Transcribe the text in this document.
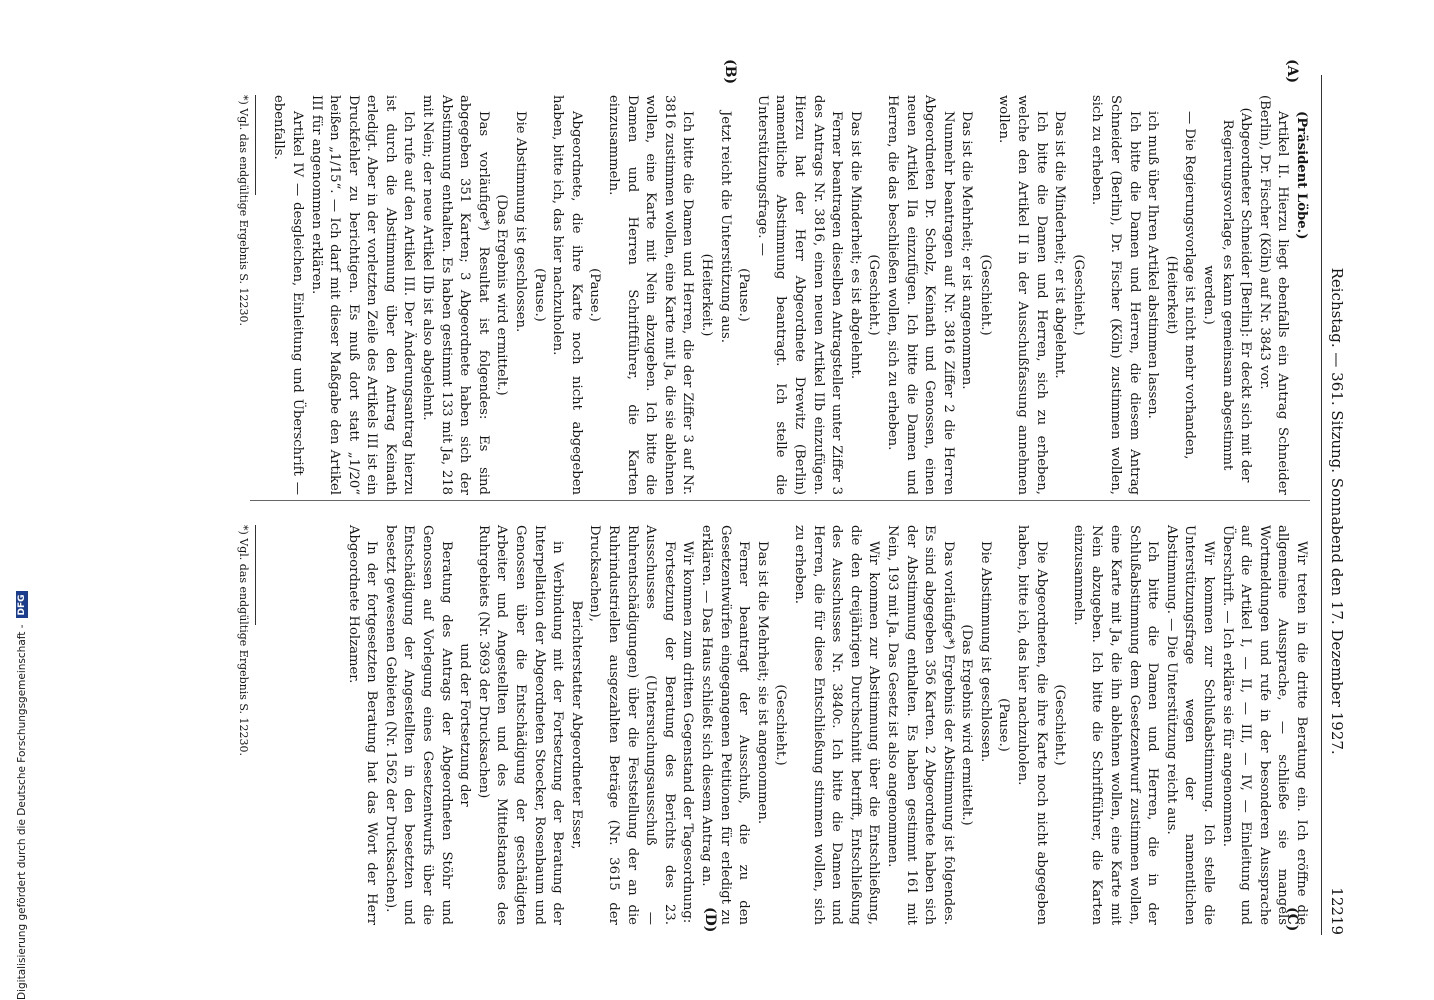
Reichstag. — 361. Sitzung. Sonnabend den 17. Dezember 1927.
12219
(A)
(B)
(C)
(D)

(Präsident Löbe.)

Artikel II. Hierzu liegt ebenfalls ein Antrag Schneider (Berlin), Dr. Fischer (Köln) auf Nr. 3843 vor.

(Abgeordneter Schneider [Berlin]: Er deckt sich mit der Regierungsvorlage, es kann gemeinsam abgestimmt werden.)

— Die Regierungsvorlage ist nicht mehr vorhanden,

(Heiterkeit)

ich muß über Ihren Artikel abstimmen lassen.

Ich bitte die Damen und Herren, die diesem Antrag Schneider (Berlin), Dr. Fischer (Köln) zustimmen wollen, sich zu erheben.

(Geschieht.)

Das ist die Minderheit; er ist abgelehnt.

Ich bitte die Damen und Herren, sich zu erheben, welche den Artikel II in der Ausschußfassung annehmen wollen.

(Geschieht.)

Das ist die Mehrheit; er ist angenommen.

Nunmehr beantragen auf Nr. 3816 Ziffer 2 die Herren Abgeordneten Dr. Scholz, Keinath und Genossen, einen neuen Artikel IIa einzufügen. Ich bitte die Damen und Herren, die das beschließen wollen, sich zu erheben.

(Geschieht.)

Das ist die Minderheit; es ist abgelehnt.

Ferner beantragen dieselben Antragsteller unter Ziffer 3 des Antrags Nr. 3816, einen neuen Artikel IIb einzufügen. Hierzu hat der Herr Abgeordnete Drewitz (Berlin) namentliche Abstimmung beantragt. Ich stelle die Unterstützungsfrage. —

(Pause.)

Jetzt reicht die Unterstützung aus.

(Heiterkeit.)

Ich bitte die Damen und Herren, die der Ziffer 3 auf Nr. 3816 zustimmen wollen, eine Karte mit Ja, die sie ablehnen wollen, eine Karte mit Nein abzugeben. Ich bitte die Damen und Herren Schriftführer, die Karten einzusammeln.

(Pause.)

Abgeordnete, die ihre Karte noch nicht abgegeben haben, bitte ich, das hier nachzuholen.

(Pause.)

Die Abstimmung ist geschlossen.

(Das Ergebnis wird ermittelt.)

Das vorläufige*) Resultat ist folgendes: Es sind abgegeben 351 Karten; 3 Abgeordnete haben sich der Abstimmung enthalten. Es haben gestimmt 133 mit Ja, 218 mit Nein; der neue Artikel IIb ist also abgelehnt.

Ich rufe auf den Artikel III. Der Änderungsantrag hierzu ist durch die Abstimmung über den Antrag Keinath erledigt. Aber in der vorletzten Zeile des Artikels III ist ein Druckfehler zu berichtigen. Es muß dort statt „1/20“ heißen „1/15“. — Ich darf mit dieser Maßgabe den Artikel III für angenommen erklären.

Artikel IV — desgleichen, Einleitung und Überschrift — ebenfalls.

Wir treten in die dritte Beratung ein. Ich eröffne die allgemeine Aussprache, — schließe sie mangels Wortmeldungen und rufe in der besonderen Aussprache auf die Artikel I, — II, — III, — IV, — Einleitung und Überschrift. — Ich erkläre sie für angenommen.

Wir kommen zur Schlußabstimmung. Ich stelle die Unterstützungsfrage wegen der namentlichen Abstimmung. — Die Unterstützung reicht aus.

Ich bitte die Damen und Herren, die in der Schlußabstimmung dem Gesetzentwurf zustimmen wollen, eine Karte mit Ja, die ihn ablehnen wollen, eine Karte mit Nein abzugeben. Ich bitte die Schriftführer, die Karten einzusammeln.

(Geschieht.)

Die Abgeordneten, die ihre Karte noch nicht abgegeben haben, bitte ich, das hier nachzuholen.

(Pause.)

Die Abstimmung ist geschlossen.

(Das Ergebnis wird ermittelt.)

Das vorläufige*) Ergebnis der Abstimmung ist folgendes. Es sind abgegeben 356 Karten. 2 Abgeordnete haben sich der Abstimmung enthalten. Es haben gestimmt 161 mit Nein, 193 mit Ja. Das Gesetz ist also angenommen.

Wir kommen zur Abstimmung über die Entschließung, die den dreijährigen Durchschnitt betrifft, Entschließung des Ausschusses Nr. 3840c. Ich bitte die Damen und Herren, die für diese Entschließung stimmen wollen, sich zu erheben.

(Geschieht.)

Das ist die Mehrheit; sie ist angenommen.

Ferner beantragt der Ausschuß, die zu den Gesetzentwürfen eingegangenen Petitionen für erledigt zu erklären. — Das Haus schließt sich diesem Antrag an.

Wir kommen zum dritten Gegenstand der Tagesordnung:

Fortsetzung der Beratung des Berichts des 23. Ausschusses (Untersuchungsausschuß — Ruhrentschädigungen) über die Feststellung der an die Ruhrindustriellen ausgezahlten Beträge (Nr. 3615 der Drucksachen),

Berichterstatter Abgeordneter Esser,

in Verbindung mit der Fortsetzung der Beratung der Interpellation der Abgeordneten Stoecker, Rosenbaum und Genossen über die Entschädigung der geschädigten Arbeiter und Angestellten und des Mittelstandes des Ruhrgebiets (Nr. 3693 der Drucksachen)

und der Fortsetzung der

Beratung des Antrags der Abgeordneten Stöhr und Genossen auf Vorlegung eines Gesetzentwurfs über die Entschädigung der Angestellten in den besetzten und besetzt gewesenen Gebieten (Nr. 1562 der Drucksachen).

In der fortgesetzten Beratung hat das Wort der Herr Abgeordnete Holzamer.

*) Vgl. das endgültige Ergebnis S. 12230.
*) Vgl. das endgültige Ergebnis S. 12230.
Digitalisierung gefördert durch die Deutsche Forschungsgemeinschaft -
DFG
